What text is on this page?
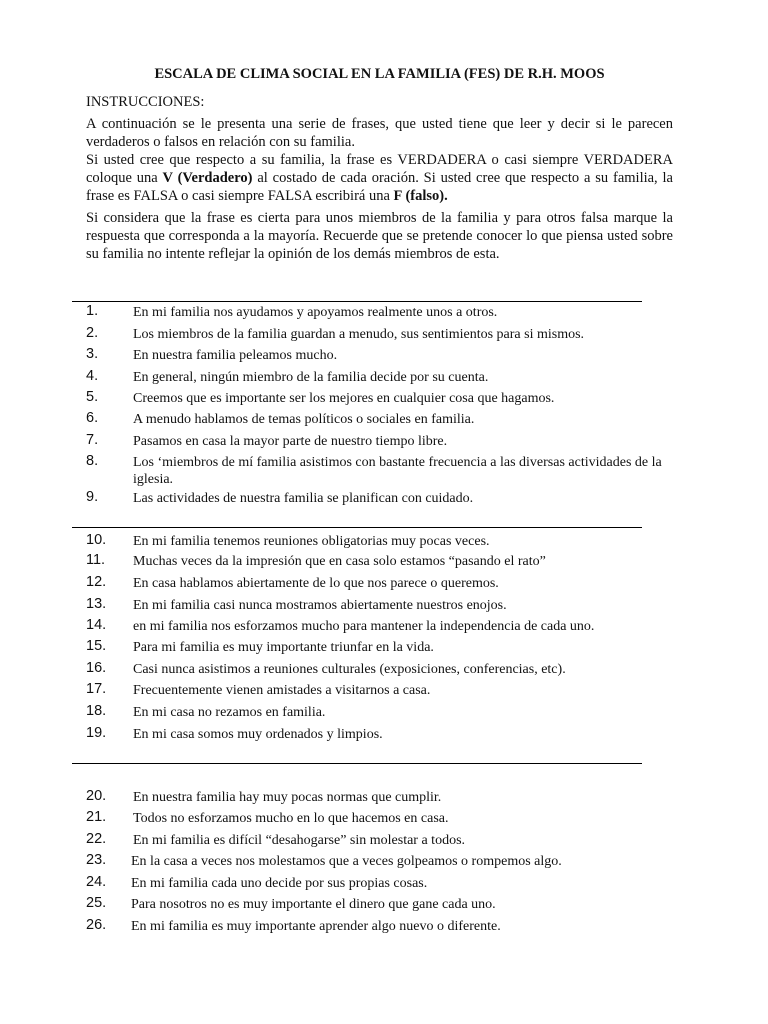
ESCALA DE CLIMA SOCIAL EN LA FAMILIA (FES) DE R.H. MOOS
INSTRUCCIONES:
A continuación se le presenta una serie de frases, que usted tiene que leer y decir si le parecen verdaderos o falsos en relación con su familia.
Si usted cree que respecto a su familia, la frase es VERDADERA o casi siempre VERDADERA coloque una V (Verdadero) al costado de cada oración. Si usted cree que respecto a su familia, la frase es FALSA o casi siempre FALSA escribirá una F (falso).
Si considera que la frase es cierta para unos miembros de la familia y para otros falsa marque la respuesta que corresponda a la mayoría. Recuerde que se pretende conocer lo que piensa usted sobre su familia no intente reflejar la opinión de los demás miembros de esta.
1. En mi familia nos ayudamos y apoyamos realmente unos a otros.
2. Los miembros de la familia guardan a menudo, sus sentimientos para si mismos.
3. En nuestra familia peleamos mucho.
4. En general, ningún miembro de la familia decide por su cuenta.
5. Creemos que es importante ser los mejores en cualquier cosa que hagamos.
6. A menudo hablamos de temas políticos o sociales en familia.
7. Pasamos en casa la mayor parte de nuestro tiempo libre.
8. Los ‘miembros de mí familia asistimos con bastante frecuencia a las diversas actividades de la iglesia.
9. Las actividades de nuestra familia se planifican con cuidado.
10. En mi familia tenemos reuniones obligatorias muy pocas veces.
11. Muchas veces da la impresión que en casa solo estamos “pasando el rato”
12. En casa hablamos abiertamente de lo que nos parece o queremos.
13. En mi familia casi nunca mostramos abiertamente nuestros enojos.
14. en mi familia nos esforzamos mucho para mantener la independencia de cada uno.
15. Para mi familia es muy importante triunfar en la vida.
16. Casi nunca asistimos a reuniones culturales (exposiciones, conferencias, etc).
17. Frecuentemente vienen amistades a visitarnos a casa.
18. En mi casa no rezamos en familia.
19. En mi casa somos muy ordenados y limpios.
20. En nuestra familia hay muy pocas normas que cumplir.
21. Todos no esforzamos mucho en lo que hacemos en casa.
22. En mi familia es difícil “desahogarse” sin molestar a todos.
23. En la casa a veces nos molestamos que a veces golpeamos o rompemos algo.
24. En mi familia cada uno decide por sus propias cosas.
25. Para nosotros no es muy importante el dinero que gane cada uno.
26. En mi familia es muy importante aprender algo nuevo o diferente.
